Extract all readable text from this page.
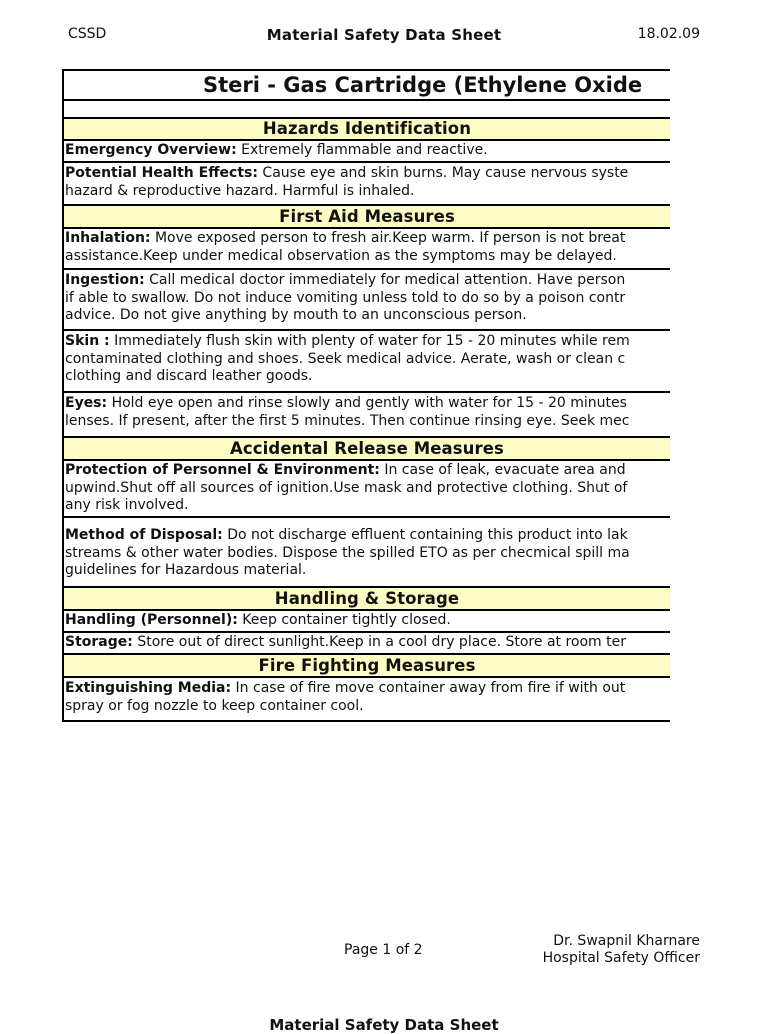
CSSD	Material Safety Data Sheet	18.02.09
Steri - Gas Cartridge (Ethylene Oxide
Hazards Identification
Emergency Overview: Extremely flammable and reactive.
Potential Health Effects: Cause eye and skin burns. May cause nervous syste
hazard & reproductive hazard. Harmful is inhaled.
First Aid Measures
Inhalation: Move exposed person to fresh air.Keep warm. If person is not breat
assistance.Keep under medical observation as the symptoms may be delayed.
Ingestion: Call medical doctor immediately for medical attention. Have person
if able to swallow. Do not induce vomiting unless told to do so by a poison contr
advice. Do not give anything by mouth to an unconscious person.
Skin : Immediately flush skin with plenty of water for 15 - 20 minutes while rem
contaminated clothing and shoes. Seek medical advice. Aerate, wash or clean c
clothing and discard leather goods.
Eyes: Hold eye open and rinse slowly and gently with water for 15 - 20 minutes
lenses. If present, after the first 5 minutes. Then continue rinsing eye. Seek mec
Accidental Release Measures
Protection of Personnel & Environment: In case of leak, evacuate area and
upwind.Shut off all sources of ignition.Use mask and protective clothing. Shut of
any risk involved.
Method of Disposal: Do not discharge effluent containing this product into lak
streams & other water bodies. Dispose the spilled ETO as per checmical spill ma
guidelines for Hazardous material.
Handling & Storage
Handling (Personnel): Keep container tightly closed.
Storage: Store out of direct sunlight.Keep in a cool dry place. Store at room ter
Fire Fighting Measures
Extinguishing Media: In case of fire move container away from fire if with out
spray or fog nozzle to keep container cool.
Page 1 of 2
Dr. Swapnil Kharnare
Hospital Safety Officer
Material Safety Data Sheet
